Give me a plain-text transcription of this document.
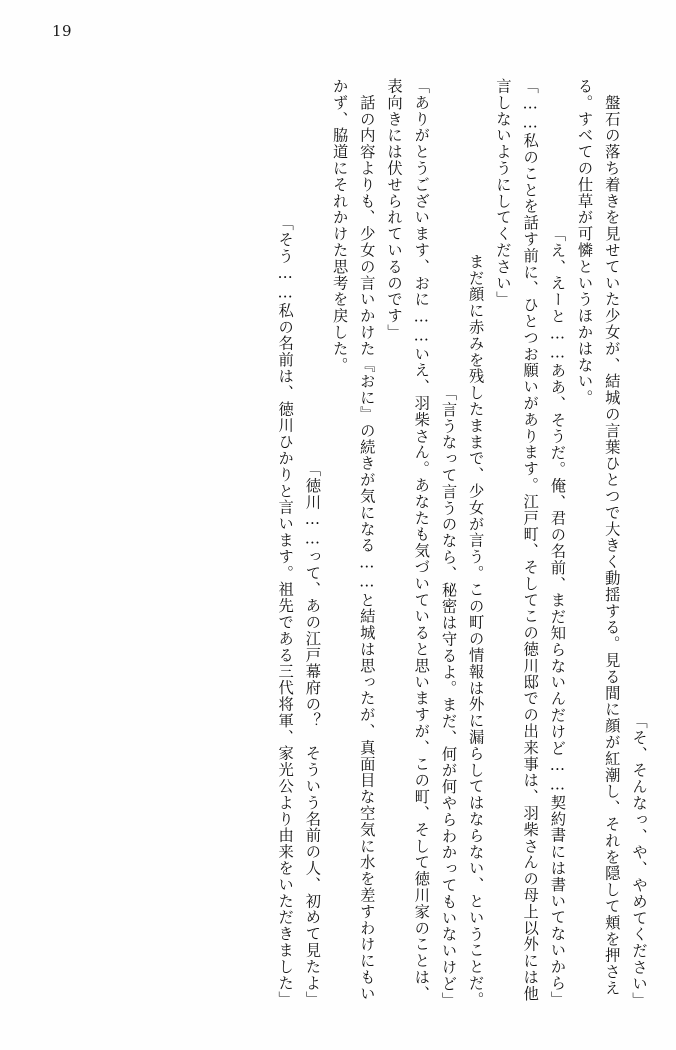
19

「そ、そんなっ、や、やめてください」

　盤石の落ち着きを見せていた少女が、結城の言葉ひとつで大きく動揺する。見る間に顔が紅潮し、それを隠して頬を押さえる。すべての仕草が可憐というほかはない。

「え、えーと……ああ、そうだ。俺、君の名前、まだ知らないんだけど……契約書には書いてないから」

「……私のことを話す前に、ひとつお願いがあります。江戸町、そしてこの徳川邸での出来事は、羽柴さんの母上以外には他言しないようにしてください」

　まだ顔に赤みを残したままで、少女が言う。この町の情報は外に漏らしてはならない、ということだ。

「言うなって言うのなら、秘密は守るよ。まだ、何が何やらわかってもいないけど」

「ありがとうございます、おに……いえ、羽柴さん。あなたも気づいていると思いますが、この町、そして徳川家のことは、表向きには伏せられているのです」

　話の内容よりも、少女の言いかけた『おに』の続きが気になる……と結城は思ったが、真面目な空気に水を差すわけにもいかず、脇道にそれかけた思考を戻した。

「徳川……って、あの江戸幕府の？　そういう名前の人、初めて見たよ」

「そう……私の名前は、徳川ひかりと言います。祖先である三代将軍、家光公より由来をいただきました」
